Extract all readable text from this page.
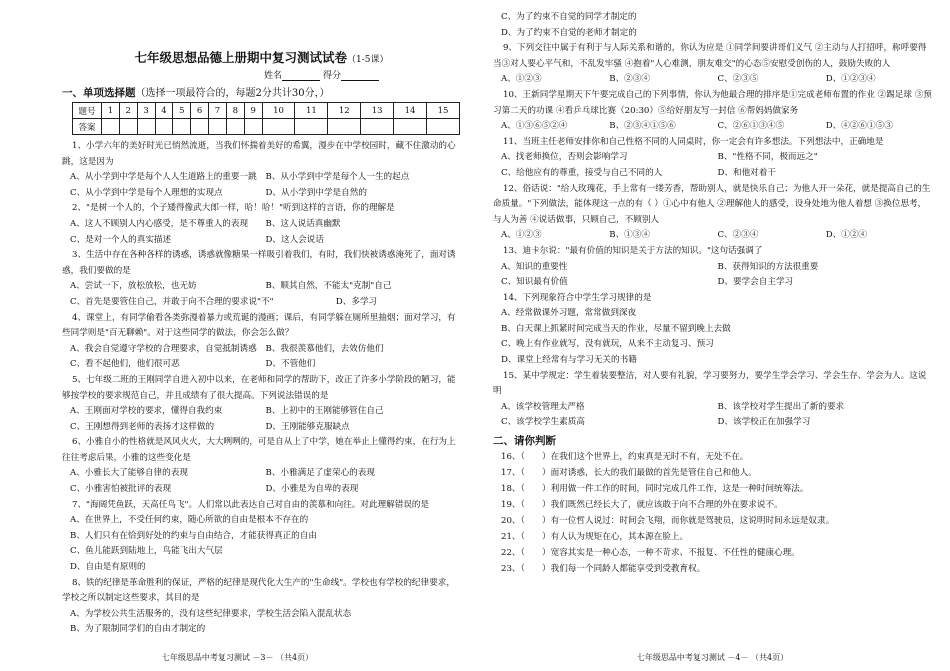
七年级思想品德上册期中复习测试试卷（1-5课）
姓名	得分
一、单项选择题（选择一项最符合的，每题2分共计30分，）
题号	1	2	3	4	5	6	7	8	9	10	11	12	13	14	15
答案															

1、小学六年的美好时光已悄然流逝，当我们怀揣着美好的希翼，漫步在中学校园时，藏不住激动的心跳，这是因为

A、从小学到中学是每个人人生道路上的重要一跳	B、从小学到中学是每个人一生的起点
C、从小学到中学是每个人理想的实现点	D、从小学到中学是自然的

2、"是树一个人的，个子矮得像武大郎一样，哈！哈！"听到这样的言语，你的理解是

A、这人不顾别人内心感受，是不尊重人的表现	B、这人说话真幽默
C、是对一个人的真实描述	D、这人会说话

3、生活中存在各种各样的诱惑，诱惑就像糖果一样吸引着我们，有时，我们快被诱惑淹死了，面对诱惑，我们要做的是

A、尝试一下，放松放松，也无妨	B、顺其自然，不能太"克制"自己
C、首先是要管住自己，并敢于向不合理的要求说"不"	D、多学习

4、课堂上，有同学偷看各类弥漫着暴力或荒诞的漫画；课后，有同学躲在厕所里抽烟；面对学习，有些同学则是"百无聊赖"。对于这些同学的做法，你会怎么做？

A、我会自觉遵守学校的合理要求，自觉抵制诱惑	B、我很羡慕他们，去效仿他们
C、看不起他们，他们很可恶	D、不管他们

5、七年级二班的王刚同学自进入初中以来，在老师和同学的帮助下，改正了许多小学阶段的陋习，能够按学校的要求规范自己，并且成绩有了很大提高。下列说法错误的是

A、王刚面对学校的要求，懂得自我约束	B、上初中的王刚能够管住自己
C、王刚想得到老师的表扬才这样做的	D、王刚能够克服缺点

6、小雅自小的性格就是风风火火，大大咧咧的，可是自从上了中学，她在举止上懂得约束，在行为上往往考虑后果，小雅的这些变化是

A、小雅长大了能够自律的表现	B、小雅满足了虚荣心的表现
C、小雅害怕被批评的表现	D、小雅是为自卑的表现

7、"海阔凭鱼跃，天高任鸟飞"。人们常以此表达自己对自由的羡慕和向往。对此理解错误的是

A、在世界上，不受任何约束，随心所欲的自由是根本不存在的

B、人们只有在恰到好处的约束与自由结合，才能获得真正的自由

C、鱼儿能跃到陆地上，鸟能飞出大气层

D、自由是有原则的

8、铁的纪律是革命胜利的保证，严格的纪律是现代化大生产的"生命线"。学校也有学校的纪律要求，学校之所以制定这些要求，其目的是

A、为学校公共生活服务的，没有这些纪律要求，学校生活会陷入混乱状态

B、为了限制同学们的自由才制定的

七年级思品中考复习测试 －3－ （共4页）

C、为了约束不自觉的同学才制定的

D、为了约束不自觉的老师才制定的

9、下列交往中属于有利于与人际关系和谐的，你认为应是 ①同学间要讲哥们义气 ②主动与人打招呼，称呼要得当③对人要心平气和，不乱发牢骚 ④抱着"人心难测，朋友难交"的心态⑤安慰受创伤的人，鼓励失败的人

A、①②③	B、②③④	C、②③⑤	D、①②③④

10、王新同学星期天下午要完成自己的下列事情，你认为他最合理的排序是①完成老师布置的作业 ②踢足球 ③预习第二天的功课 ④看乒乓球比赛（20:30）⑤给好朋友写一封信 ⑥帮妈妈做家务

A、①③⑥⑤②④	B、②③④①⑤⑥	C、②⑥①③④⑤	D、④②⑥①⑤③

11、当班主任老师安排你和自己性格不同的人同桌时，你一定会有许多想法。下列想法中，正确地是

A、找老师换位，否则会影响学习	B、"性格不同，极而远之"
C、给他应有的尊重，接受与自己不同的人	D、和他对着干

12、俗话说："给人玫瑰花，手上常有一缕芳香，帮助别人，就是快乐自己；为他人开一朵花，就是提高自己的生命质量。"下列做法，能体现这一点的有（ ）①心中有他人 ②理解他人的感受，设身处地为他人着想 ③换位思考，与人为善 ④说话做事，只顾自己，不顾别人

A、①②③	B、①③④	C、②③④	D、①②④

13、迪卡尔说："最有价值的知识是关于方法的知识。"这句话强调了

A、知识的重要性	B、获得知识的方法很重要
C、知识最有价值	D、要学会自主学习

14、下列现象符合中学生学习规律的是

A、经常做课外习题，常常做到深夜

B、白天课上抓紧时间完成当天的作业，尽量不留到晚上去做

C、晚上有作业就写，没有就玩，从来不主动复习、预习

D、课堂上经常有与学习无关的书籍

15、某中学规定：学生着装要整洁，对人要有礼貌，学习要努力，要学生学会学习、学会生存、学会为人。这说明

A、该学校管理太严格	B、该学校对学生提出了新的要求
C、该学校学生素质高	D、该学校正在加强学习
二、请你判断

16、（　　）在我们这个世界上，约束真是无时不有，无处不在。

17、（　　）面对诱惑，长大的我们最做的首先是管住自己和他人。

18、（　　）利用做一件工作的时间，同时完成几件工作，这是一种时间统筹法。

19、（　　）我们既然已经长大了，就应该敢于向不合理的外在要求说不。

20、（　　）有一位哲人说过：时间会飞翔，而你就是驾驶员，这说明时间永远是奴隶。

21、（　　）有人认为规矩在心，其本源在脸上。

22、（　　）宽容其实是一种心态，一种不苛求、不报复、不任性的健康心理。

23、（　　）我们每一个同龄人都能享受到受教育权。

七年级思品中考复习测试 －4－ （共4页）
